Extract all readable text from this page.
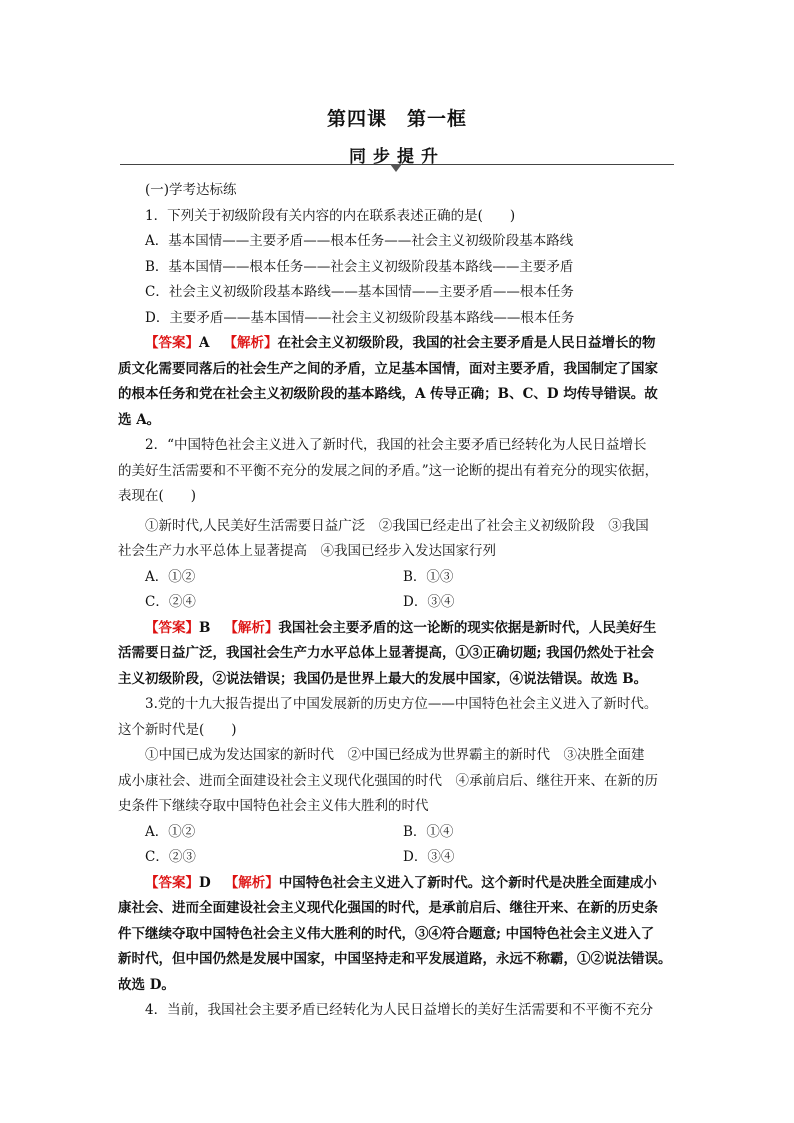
第四课　第一框
同步提升
(一)学考达标练
1．下列关于初级阶段有关内容的内在联系表述正确的是(　　)
A．基本国情——主要矛盾——根本任务——社会主义初级阶段基本路线
B．基本国情——根本任务——社会主义初级阶段基本路线——主要矛盾
C．社会主义初级阶段基本路线——基本国情——主要矛盾——根本任务
D．主要矛盾——基本国情——社会主义初级阶段基本路线——根本任务
【答案】A 【解析】在社会主义初级阶段，我国的社会主要矛盾是人民日益增长的物
质文化需要同落后的社会生产之间的矛盾，立足基本国情，面对主要矛盾，我国制定了国家
的根本任务和党在社会主义初级阶段的基本路线，A 传导正确；B、C、D 均传导错误。故
选 A。
2．“中国特色社会主义进入了新时代，我国的社会主要矛盾已经转化为人民日益增长
的美好生活需要和不平衡不充分的发展之间的矛盾。”这一论断的提出有着充分的现实依据，
表现在(　　)
①新时代,人民美好生活需要日益广泛　②我国已经走出了社会主义初级阶段　③我国
社会生产力水平总体上显著提高　④我国已经步入发达国家行列
A．①②	B．①③
C．②④	D．③④
【答案】B 【解析】我国社会主要矛盾的这一论断的现实依据是新时代，人民美好生
活需要日益广泛，我国社会生产力水平总体上显著提高，①③正确切题; 我国仍然处于社会
主义初级阶段，②说法错误；我国仍是世界上最大的发展中国家，④说法错误。故选 B。
3.党的十九大报告提出了中国发展新的历史方位——中国特色社会主义进入了新时代。
这个新时代是(　　)
①中国已成为发达国家的新时代　②中国已经成为世界霸主的新时代　③决胜全面建
成小康社会、进而全面建设社会主义现代化强国的时代　④承前启后、继往开来、在新的历
史条件下继续夺取中国特色社会主义伟大胜利的时代
A．①②	B．①④
C．②③	D．③④
【答案】D 【解析】中国特色社会主义进入了新时代。这个新时代是决胜全面建成小
康社会、进而全面建设社会主义现代化强国的时代，是承前启后、继往开来、在新的历史条
件下继续夺取中国特色社会主义伟大胜利的时代，③④符合题意; 中国特色社会主义进入了
新时代，但中国仍然是发展中国家，中国坚持走和平发展道路，永远不称霸，①②说法错误。
故选 D。
4．当前，我国社会主要矛盾已经转化为人民日益增长的美好生活需要和不平衡不充分
